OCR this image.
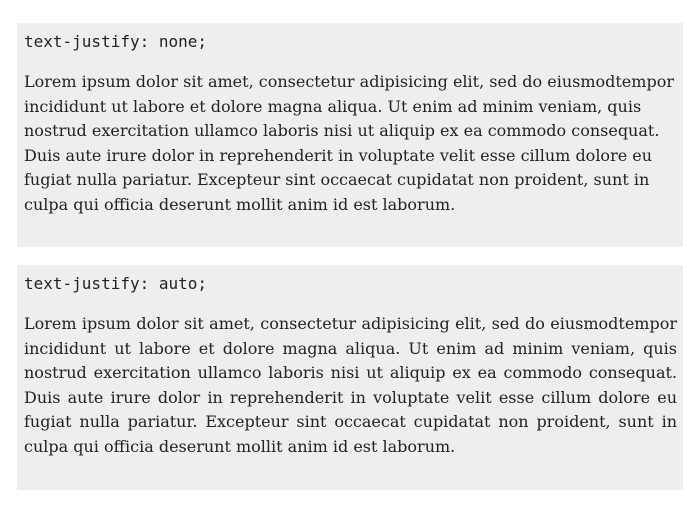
text-justify: none;

Lorem ipsum dolor sit amet, consectetur adipisicing elit, sed do eiusmodtempor incididunt ut labore et dolore magna aliqua. Ut enim ad minim veniam, quis nostrud exercitation ullamco laboris nisi ut aliquip ex ea commodo consequat. Duis aute irure dolor in reprehenderit in voluptate velit esse cillum dolore eu fugiat nulla pariatur. Excepteur sint occaecat cupidatat non proident, sunt in culpa qui officia deserunt mollit anim id est laborum.

text-justify: auto;

Lorem ipsum dolor sit amet, consectetur adipisicing elit, sed do eiusmodtempor incididunt ut labore et dolore magna aliqua. Ut enim ad minim veniam, quis nostrud exercitation ullamco laboris nisi ut aliquip ex ea commodo consequat. Duis aute irure dolor in reprehenderit in voluptate velit esse cillum dolore eu fugiat nulla pariatur. Excepteur sint occaecat cupidatat non proident, sunt in culpa qui officia deserunt mollit anim id est laborum.
